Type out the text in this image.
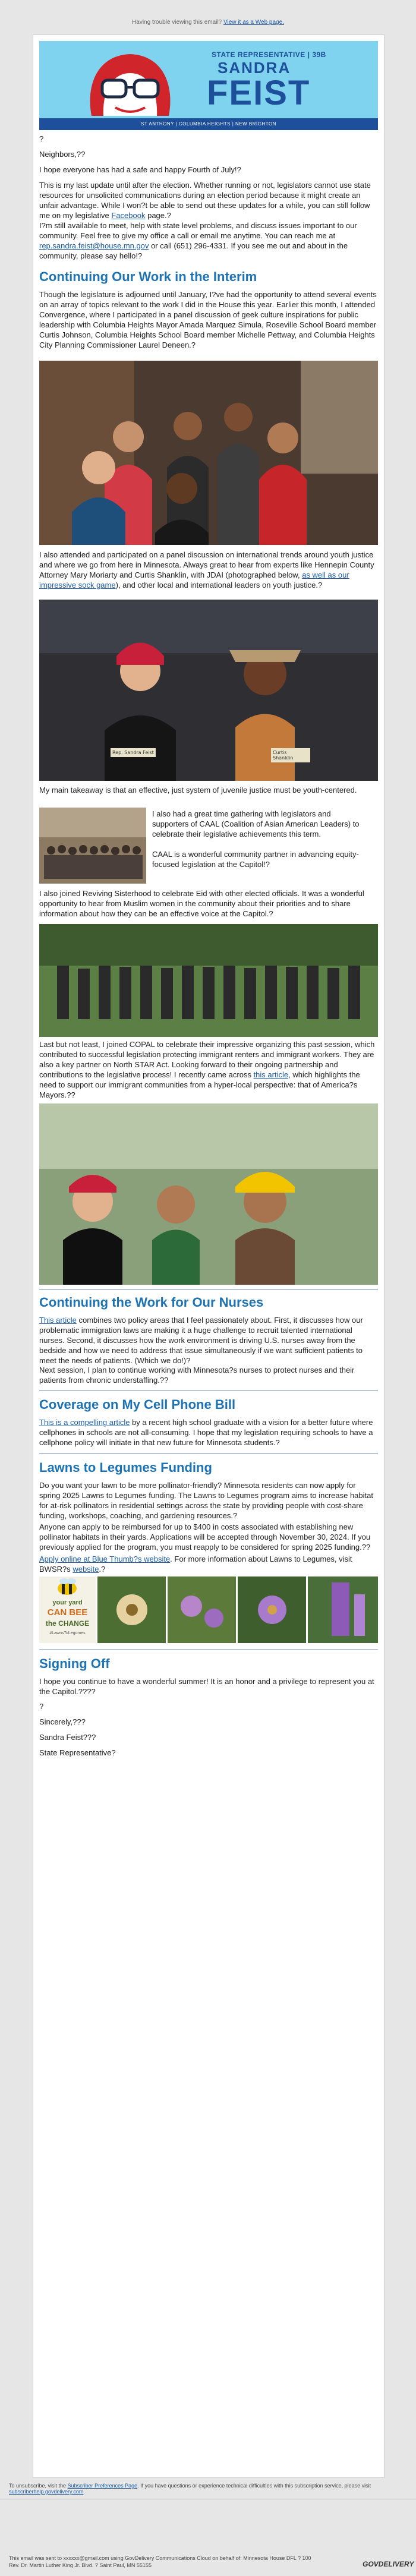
Having trouble viewing this email? View it as a Web page.
STATE REPRESENTATIVE | 39B
SANDRA
FEIST
ST ANTHONY | COLUMBIA HEIGHTS | NEW BRIGHTON

?

Neighbors,??

I hope everyone has had a safe and happy Fourth of July!?

This is my last update until after the election. Whether running or not, legislators cannot use state resources for unsolicited communications during an election period because it might create an unfair advantage. While I won?t be able to send out these updates for a while, you can still follow me on my legislative Facebook page.?

I?m still available to meet, help with state level problems, and discuss issues important to our community. Feel free to give my office a call or email me anytime. You can reach me at rep.sandra.feist@house.mn.gov or call (651) 296-4331. If you see me out and about in the community, please say hello!?

Continuing Our Work in the Interim

Though the legislature is adjourned until January, I?ve had the opportunity to attend several events on an array of topics relevant to the work I did in the House this year. Earlier this month, I attended Convergence, where I participated in a panel discussion of geek culture inspirations for public leadership with Columbia Heights Mayor Amada Marquez Simula, Roseville School Board member Curtis Johnson, Columbia Heights School Board member Michelle Pettway, and Columbia Heights City Planning Commissioner Laurel Deneen.?

I also attended and participated on a panel discussion on international trends around youth justice and where we go from here in Minnesota. Always great to hear from experts like Hennepin County Attorney Mary Moriarty and Curtis Shanklin, with JDAI (photographed below, as well as our impressive sock game), and other local and international leaders on youth justice.?

Rep. Sandra Feist	Curtis Shanklin

My main takeaway is that an effective, just system of juvenile justice must be youth-centered.

I also had a great time gathering with legislators and supporters of CAAL (Coalition of Asian American Leaders) to celebrate their legislative achievements this term.

CAAL is a wonderful community partner in advancing equity-focused legislation at the Capitol!?

I also joined Reviving Sisterhood to celebrate Eid with other elected officials. It was a wonderful opportunity to hear from Muslim women in the community about their priorities and to share information about how they can be an effective voice at the Capitol.?

Last but not least, I joined COPAL to celebrate their impressive organizing this past session, which contributed to successful legislation protecting immigrant renters and immigrant workers. They are also a key partner on North STAR Act. Looking forward to their ongoing partnership and contributions to the legislative process! I recently came across this article, which highlights the need to support our immigrant communities from a hyper-local perspective: that of America?s Mayors.??

Continuing the Work for Our Nurses

This article combines two policy areas that I feel passionately about. First, it discusses how our problematic immigration laws are making it a huge challenge to recruit talented international nurses. Second, it discusses how the work environment is driving U.S. nurses away from the bedside and how we need to address that issue simultaneously if we want sufficient patients to meet the needs of patients. (Which we do!)?

Next session, I plan to continue working with Minnesota?s nurses to protect nurses and their patients from chronic understaffing.??

Coverage on My Cell Phone Bill

This is a compelling article by a recent high school graduate with a vision for a better future where cellphones in schools are not all-consuming. I hope that my legislation requiring schools to have a cellphone policy will initiate in that new future for Minnesota students.?

Lawns to Legumes Funding

Do you want your lawn to be more pollinator-friendly? Minnesota residents can now apply for spring 2025 Lawns to Legumes funding. The Lawns to Legumes program aims to increase habitat for at-risk pollinators in residential settings across the state by providing people with cost-share funding, workshops, coaching, and gardening resources.?

Anyone can apply to be reimbursed for up to $400 in costs associated with establishing new pollinator habitats in their yards. Applications will be accepted through November 30, 2024. If you previously applied for the program, you must reapply to be considered for spring 2025 funding.??

Apply online at Blue Thumb?s website. For more information about Lawns to Legumes, visit BWSR?s website.?

your yard
CAN BEE
the CHANGE
#LawnsToLegumes
Signing Off

I hope you continue to have a wonderful summer! It is an honor and a privilege to represent you at the Capitol.????

?

Sincerely,???

Sandra Feist???

State Representative?

To unsubscribe, visit the Subscriber Preferences Page. If you have questions or experience technical difficulties with this subscription service, please visit subscriberhelp.govdelivery.com.
This email was sent to xxxxxx@gmail.com using GovDelivery Communications Cloud on behalf of: Minnesota House DFL ? 100
Rev. Dr. Martin Luther King Jr. Blvd. ? Saint Paul, MN 55155	GOVDELIVERY
